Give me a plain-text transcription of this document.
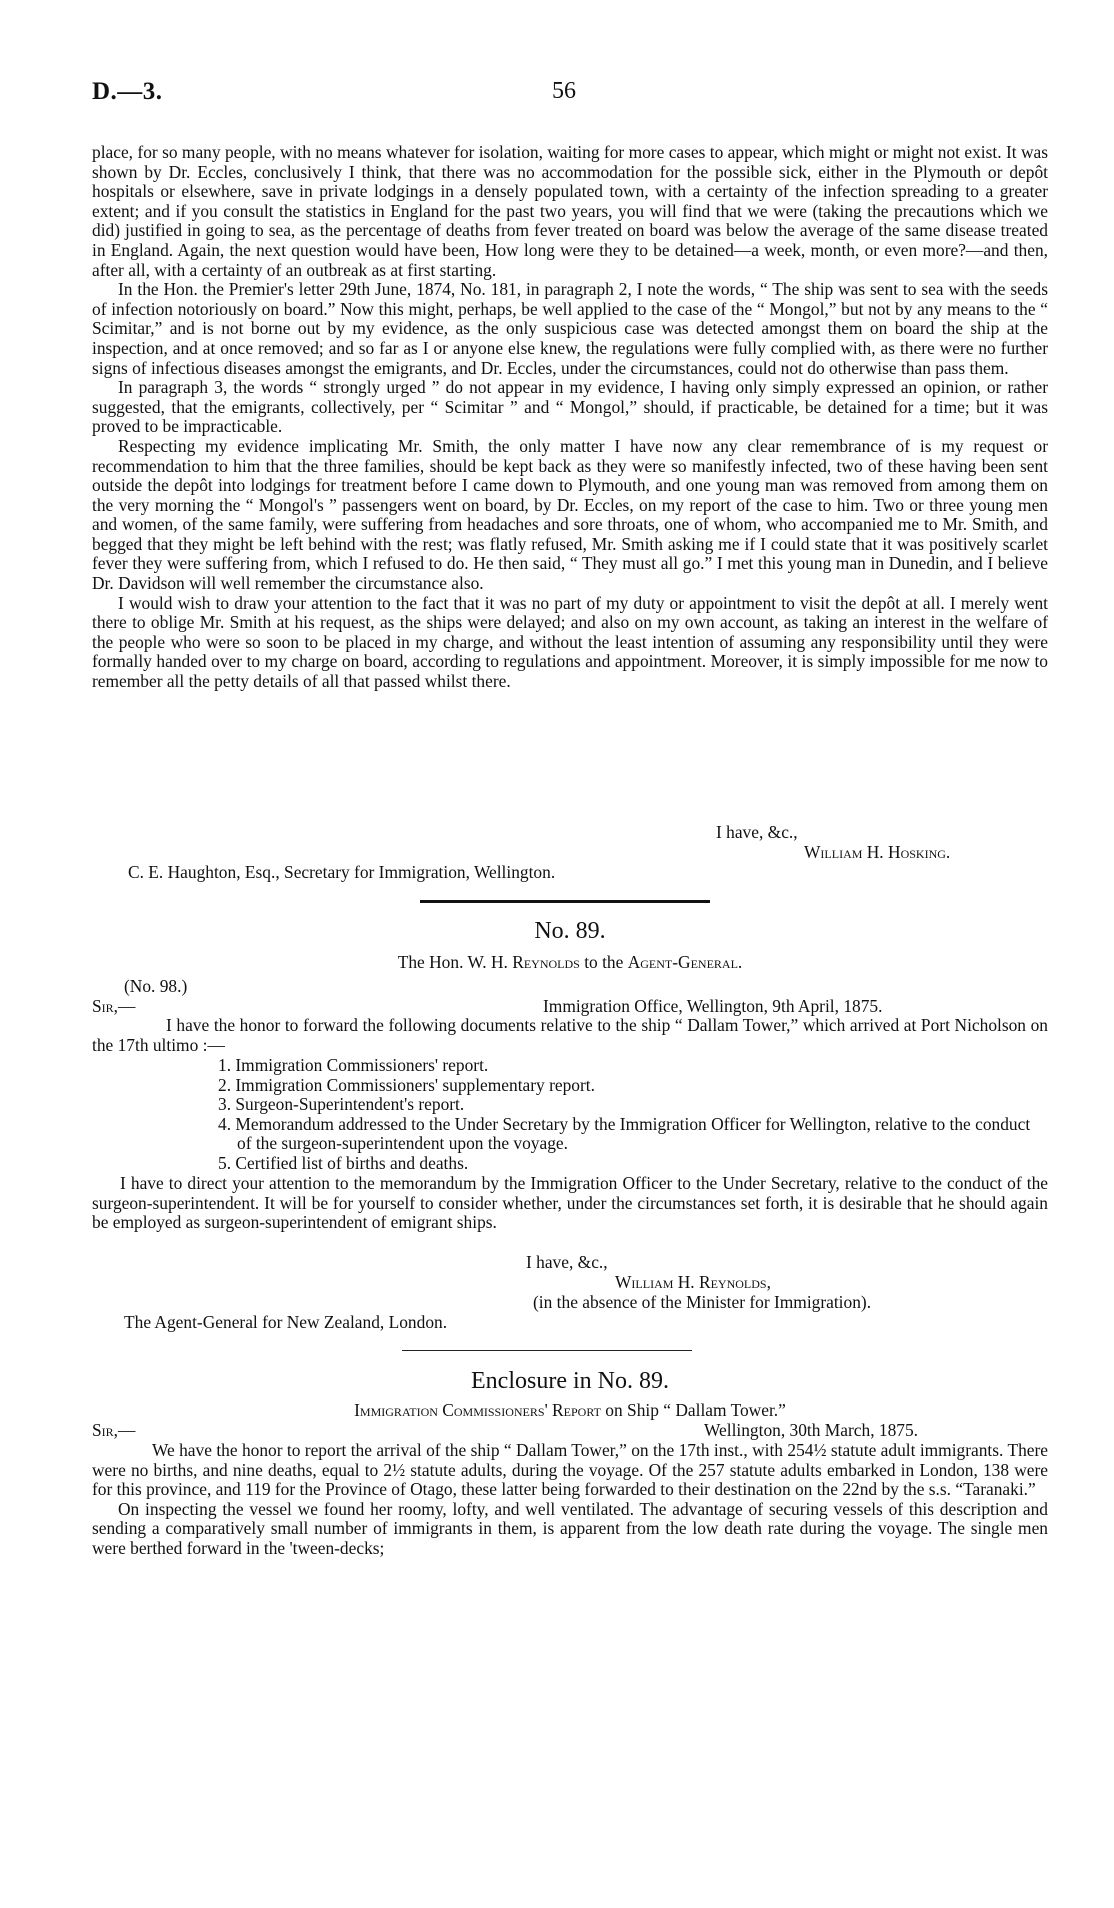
D.—3.	56

place, for so many people, with no means whatever for isolation, waiting for more cases to appear, which might or might not exist. It was shown by Dr. Eccles, conclusively I think, that there was no accommodation for the possible sick, either in the Plymouth or depôt hospitals or elsewhere, save in private lodgings in a densely populated town, with a certainty of the infection spreading to a greater extent; and if you consult the statistics in England for the past two years, you will find that we were (taking the precautions which we did) justified in going to sea, as the percentage of deaths from fever treated on board was below the average of the same disease treated in England. Again, the next question would have been, How long were they to be detained—a week, month, or even more?—and then, after all, with a certainty of an outbreak as at first starting.

In the Hon. the Premier's letter 29th June, 1874, No. 181, in paragraph 2, I note the words, “ The ship was sent to sea with the seeds of infection notoriously on board.” Now this might, perhaps, be well applied to the case of the “ Mongol,” but not by any means to the “ Scimitar,” and is not borne out by my evidence, as the only suspicious case was detected amongst them on board the ship at the inspection, and at once removed; and so far as I or anyone else knew, the regulations were fully complied with, as there were no further signs of infectious diseases amongst the emigrants, and Dr. Eccles, under the circumstances, could not do otherwise than pass them.

In paragraph 3, the words “ strongly urged ” do not appear in my evidence, I having only simply expressed an opinion, or rather suggested, that the emigrants, collectively, per “ Scimitar ” and “ Mongol,” should, if practicable, be detained for a time; but it was proved to be impracticable.

Respecting my evidence implicating Mr. Smith, the only matter I have now any clear remembrance of is my request or recommendation to him that the three families, should be kept back as they were so manifestly infected, two of these having been sent outside the depôt into lodgings for treatment before I came down to Plymouth, and one young man was removed from among them on the very morning the “ Mongol's ” passengers went on board, by Dr. Eccles, on my report of the case to him. Two or three young men and women, of the same family, were suffering from headaches and sore throats, one of whom, who accompanied me to Mr. Smith, and begged that they might be left behind with the rest; was flatly refused, Mr. Smith asking me if I could state that it was positively scarlet fever they were suffering from, which I refused to do. He then said, “ They must all go.” I met this young man in Dunedin, and I believe Dr. Davidson will well remember the circumstance also.

I would wish to draw your attention to the fact that it was no part of my duty or appointment to visit the depôt at all. I merely went there to oblige Mr. Smith at his request, as the ships were delayed; and also on my own account, as taking an interest in the welfare of the people who were so soon to be placed in my charge, and without the least intention of assuming any responsibility until they were formally handed over to my charge on board, according to regulations and appointment. Moreover, it is simply impossible for me now to remember all the petty details of all that passed whilst there.

I have, &c.,
William H. Hosking.
C. E. Haughton, Esq., Secretary for Immigration, Wellington.
No. 89.
The Hon. W. H. Reynolds to the Agent-General.
(No. 98.)
Sir,—	Immigration Office, Wellington, 9th April, 1875.

I have the honor to forward the following documents relative to the ship “ Dallam Tower,” which arrived at Port Nicholson on the 17th ultimo :—

1. Immigration Commissioners' report.
2. Immigration Commissioners' supplementary report.
3. Surgeon-Superintendent's report.
4. Memorandum addressed to the Under Secretary by the Immigration Officer for Wellington, relative to the conduct of the surgeon-superintendent upon the voyage.
5. Certified list of births and deaths.

I have to direct your attention to the memorandum by the Immigration Officer to the Under Secretary, relative to the conduct of the surgeon-superintendent. It will be for yourself to consider whether, under the circumstances set forth, it is desirable that he should again be employed as surgeon-superintendent of emigrant ships.

I have, &c.,
William H. Reynolds,
(in the absence of the Minister for Immigration).
The Agent-General for New Zealand, London.
Enclosure in No. 89.
Immigration Commissioners' Report on Ship “ Dallam Tower.”
Sir,—	Wellington, 30th March, 1875.

We have the honor to report the arrival of the ship “ Dallam Tower,” on the 17th inst., with 254½ statute adult immigrants. There were no births, and nine deaths, equal to 2½ statute adults, during the voyage. Of the 257 statute adults embarked in London, 138 were for this province, and 119 for the Province of Otago, these latter being forwarded to their destination on the 22nd by the s.s. “Taranaki.”

On inspecting the vessel we found her roomy, lofty, and well ventilated. The advantage of securing vessels of this description and sending a comparatively small number of immigrants in them, is apparent from the low death rate during the voyage. The single men were berthed forward in the 'tween-decks;
